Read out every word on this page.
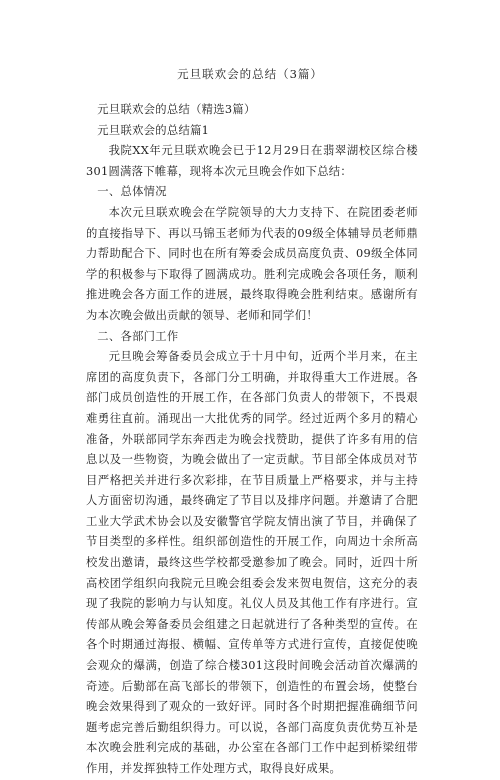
元旦联欢会的总结（3篇）

元旦联欢会的总结（精选3篇）

元旦联欢会的总结篇1

我院XX年元旦联欢晚会已于12月29日在翡翠湖校区综合楼301圆满落下帷幕，现将本次元旦晚会作如下总结：

一、总体情况

本次元旦联欢晚会在学院领导的大力支持下、在院团委老师的直接指导下、再以马锦玉老师为代表的09级全体辅导员老师鼎力帮助配合下、同时也在所有筹委会成员高度负责、09级全体同学的积极参与下取得了圆满成功。胜利完成晚会各项任务，顺利推进晚会各方面工作的进展，最终取得晚会胜利结束。感谢所有为本次晚会做出贡献的领导、老师和同学们！

二、各部门工作

元旦晚会筹备委员会成立于十月中旬，近两个半月来，在主席团的高度负责下，各部门分工明确，并取得重大工作进展。各部门成员创造性的开展工作，在各部门负责人的带领下，不畏艰难勇往直前。涌现出一大批优秀的同学。经过近两个多月的精心准备，外联部同学东奔西走为晚会找赞助，提供了许多有用的信息以及一些物资，为晚会做出了一定贡献。节目部全体成员对节目严格把关并进行多次彩排，在节目质量上严格要求，并与主持人方面密切沟通，最终确定了节目以及排序问题。并邀请了合肥工业大学武术协会以及安徽警官学院友情出演了节目，并确保了节目类型的多样性。组织部创造性的开展工作，向周边十余所高校发出邀请，最终这些学校都受邀参加了晚会。同时，近四十所高校团学组织向我院元旦晚会组委会发来贺电贺信，这充分的表现了我院的影响力与认知度。礼仪人员及其他工作有序进行。宣传部从晚会筹备委员会组建之日起就进行了各种类型的宣传。在各个时期通过海报、横幅、宣传单等方式进行宣传，直接促使晚会观众的爆满，创造了综合楼301这段时间晚会活动首次爆满的奇迹。后勤部在高飞部长的带领下，创造性的布置会场，使整台晚会效果得到了观众的一致好评。同时各个时期把握准确细节问题考虑完善后勤组织得力。可以说，各部门高度负责优势互补是本次晚会胜利完成的基础，办公室在各部门工作中起到桥梁纽带作用，并发挥独特工作处理方式，取得良好成果。
